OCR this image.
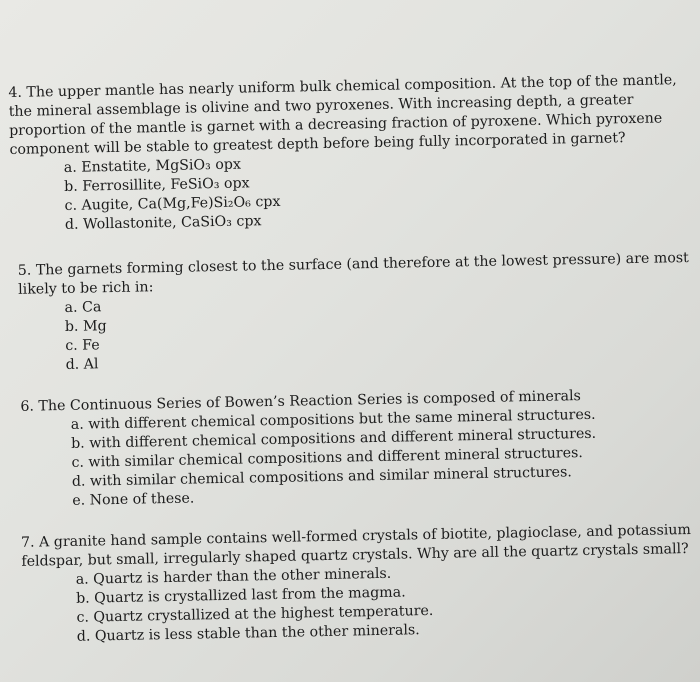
4. The upper mantle has nearly uniform bulk chemical composition. At the top of the mantle, the mineral assemblage is olivine and two pyroxenes. With increasing depth, a greater proportion of the mantle is garnet with a decreasing fraction of pyroxene. Which pyroxene component will be stable to greatest depth before being fully incorporated in garnet?

a. Enstatite, MgSiO₃ opx
b. Ferrosillite, FeSiO₃ opx
c. Augite, Ca(Mg,Fe)Si₂O₆ cpx
d. Wollastonite, CaSiO₃ cpx

5. The garnets forming closest to the surface (and therefore at the lowest pressure) are most likely to be rich in:

a. Ca
b. Mg
c. Fe
d. Al

6. The Continuous Series of Bowen’s Reaction Series is composed of minerals

a. with different chemical compositions but the same mineral structures.
b. with different chemical compositions and different mineral structures.
c. with similar chemical compositions and different mineral structures.
d. with similar chemical compositions and similar mineral structures.
e. None of these.

7. A granite hand sample contains well-formed crystals of biotite, plagioclase, and potassium feldspar, but small, irregularly shaped quartz crystals. Why are all the quartz crystals small?

a. Quartz is harder than the other minerals.
b. Quartz is crystallized last from the magma.
c. Quartz crystallized at the highest temperature.
d. Quartz is less stable than the other minerals.
